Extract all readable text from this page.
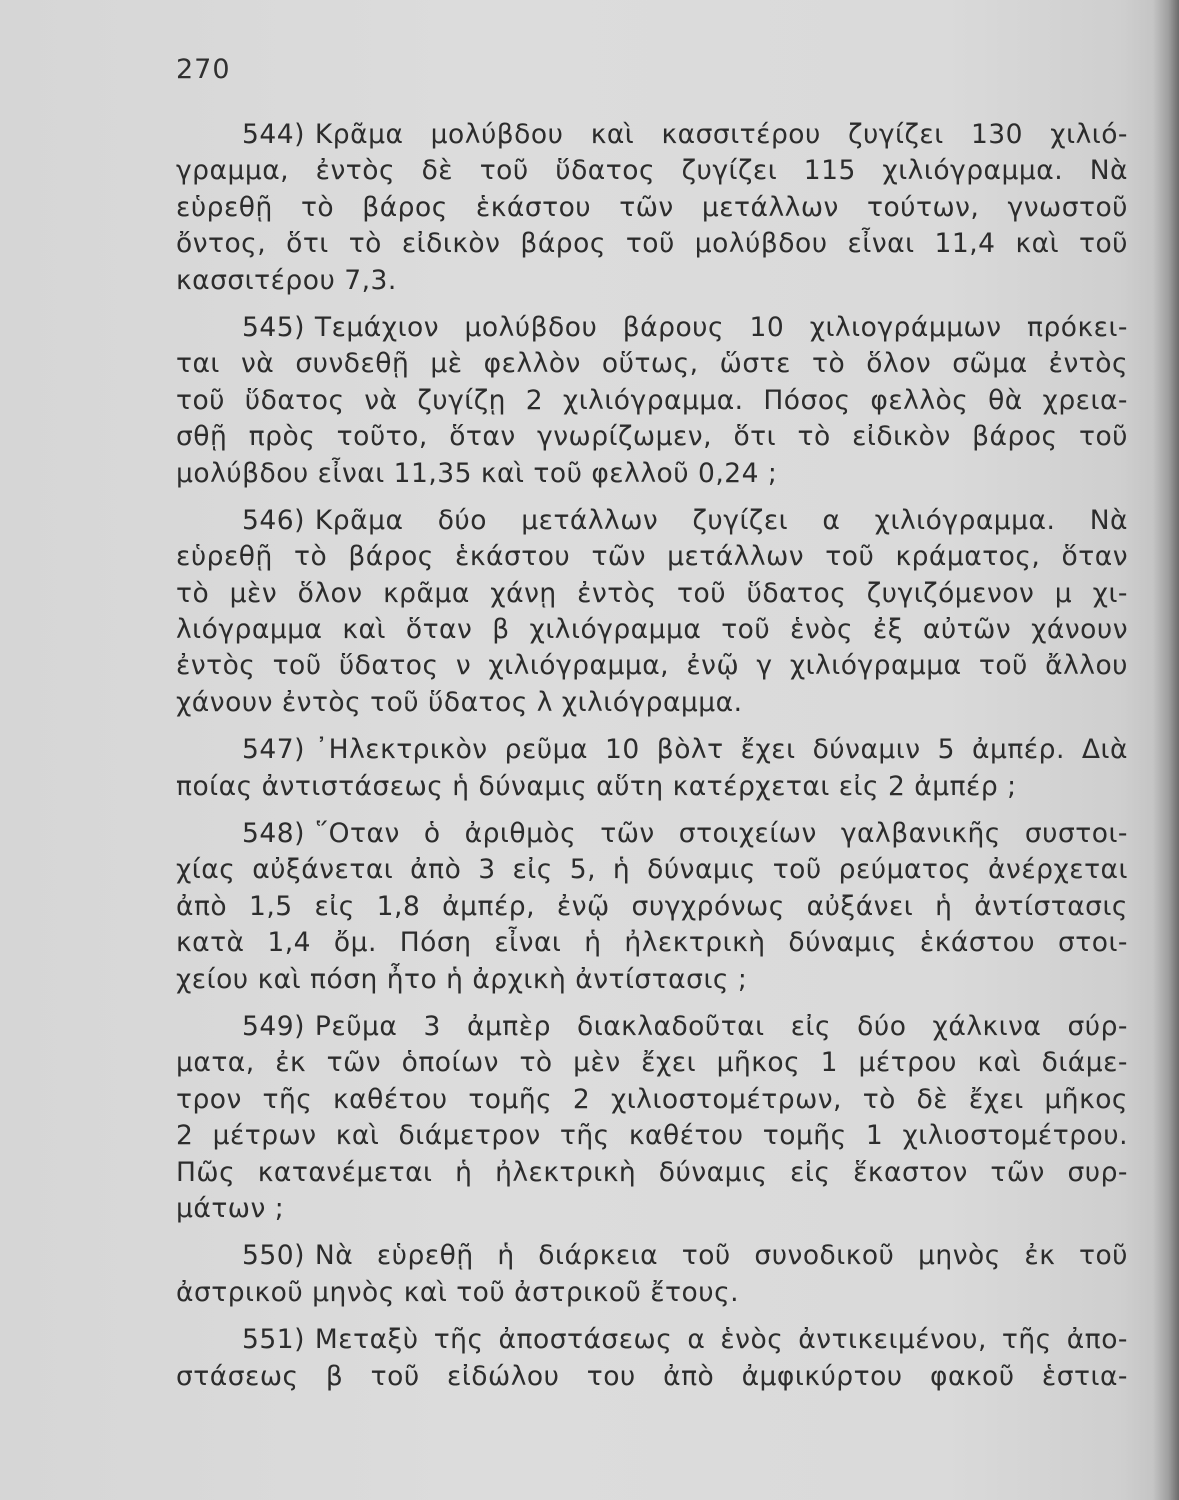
270
544) Κρᾶμα μολύβδου καὶ κασσιτέρου ζυγίζει 130 χιλιό-
γραμμα, ἐντὸς δὲ τοῦ ὕδατος ζυγίζει 115 χιλιόγραμμα. Νὰ
εὑρεθῇ τὸ βάρος ἑκάστου τῶν μετάλλων τούτων, γνωστοῦ
ὄντος, ὅτι τὸ εἰδικὸν βάρος τοῦ μολύβδου εἶναι 11,4 καὶ τοῦ
κασσιτέρου 7,3.
545) Τεμάχιον μολύβδου βάρους 10 χιλιογράμμων πρόκει-
ται νὰ συνδεθῇ μὲ φελλὸν οὕτως, ὥστε τὸ ὅλον σῶμα ἐντὸς
τοῦ ὕδατος νὰ ζυγίζῃ 2 χιλιόγραμμα. Πόσος φελλὸς θὰ χρεια-
σθῇ πρὸς τοῦτο, ὅταν γνωρίζωμεν, ὅτι τὸ εἰδικὸν βάρος τοῦ
μολύβδου εἶναι 11,35 καὶ τοῦ φελλοῦ 0,24 ;
546) Κρᾶμα δύο μετάλλων ζυγίζει α χιλιόγραμμα. Νὰ
εὑρεθῇ τὸ βάρος ἑκάστου τῶν μετάλλων τοῦ κράματος, ὅταν
τὸ μὲν ὅλον κρᾶμα χάνῃ ἐντὸς τοῦ ὕδατος ζυγιζόμενον μ χι-
λιόγραμμα καὶ ὅταν β χιλιόγραμμα τοῦ ἑνὸς ἐξ αὐτῶν χάνουν
ἐντὸς τοῦ ὕδατος ν χιλιόγραμμα, ἐνῷ γ χιλιόγραμμα τοῦ ἄλλου
χάνουν ἐντὸς τοῦ ὕδατος λ χιλιόγραμμα.
547) ᾿Ηλεκτρικὸν ρεῦμα 10 βὸλτ ἔχει δύναμιν 5 ἀμπέρ. Διὰ
ποίας ἀντιστάσεως ἡ δύναμις αὕτη κατέρχεται εἰς 2 ἀμπέρ ;
548) ῞Οταν ὁ ἀριθμὸς τῶν στοιχείων γαλβανικῆς συστοι-
χίας αὐξάνεται ἀπὸ 3 εἰς 5, ἡ δύναμις τοῦ ρεύματος ἀνέρχεται
ἀπὸ 1,5 εἰς 1,8 ἀμπέρ, ἐνῷ συγχρόνως αὐξάνει ἡ ἀντίστασις
κατὰ 1,4 ὄμ. Πόση εἶναι ἡ ἠλεκτρικὴ δύναμις ἑκάστου στοι-
χείου καὶ πόση ἦτο ἡ ἀρχικὴ ἀντίστασις ;
549) Ρεῦμα 3 ἀμπὲρ διακλαδοῦται εἰς δύο χάλκινα σύρ-
ματα, ἐκ τῶν ὁποίων τὸ μὲν ἔχει μῆκος 1 μέτρου καὶ διάμε-
τρον τῆς καθέτου τομῆς 2 χιλιοστομέτρων, τὸ δὲ ἔχει μῆκος
2 μέτρων καὶ διάμετρον τῆς καθέτου τομῆς 1 χιλιοστομέτρου.
Πῶς κατανέμεται ἡ ἠλεκτρικὴ δύναμις εἰς ἕκαστον τῶν συρ-
μάτων ;
550) Νὰ εὑρεθῇ ἡ διάρκεια τοῦ συνοδικοῦ μηνὸς ἐκ τοῦ
ἀστρικοῦ μηνὸς καὶ τοῦ ἀστρικοῦ ἔτους.
551) Μεταξὺ τῆς ἀποστάσεως α ἑνὸς ἀντικειμένου, τῆς ἀπο-
στάσεως β τοῦ εἰδώλου του ἀπὸ ἀμφικύρτου φακοῦ ἑστια-
